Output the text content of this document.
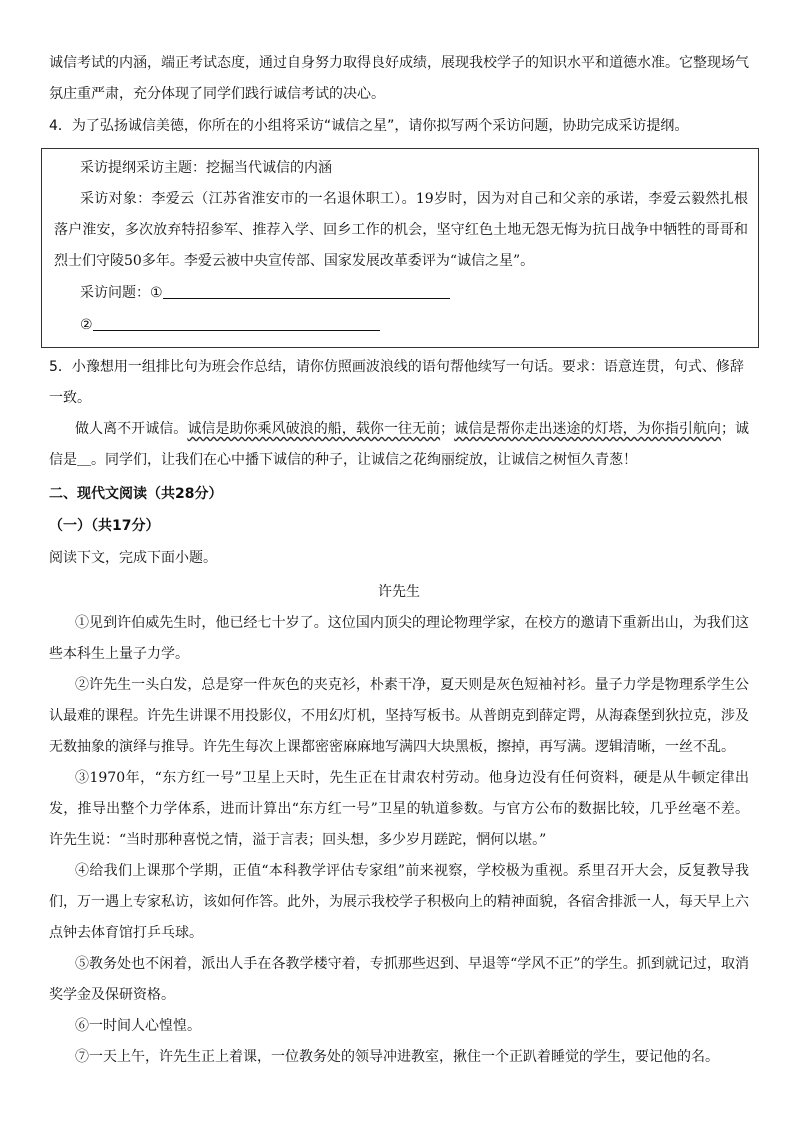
诚信考试的内涵，端正考试态度，通过自身努力取得良好成绩，展现我校学子的知识水平和道德水准。它整现场气氛庄重严肃，充分体现了同学们践行诚信考试的决心。

4．为了弘扬诚信美德，你所在的小组将采访“诚信之星”，请你拟写两个采访问题，协助完成采访提纲。

采访提纲采访主题：挖掘当代诚信的内涵

采访对象：李爱云（江苏省淮安市的一名退休职工）。19岁时，因为对自己和父亲的承诺，李爱云毅然扎根落户淮安，多次放弃特招参军、推荐入学、回乡工作的机会，坚守红色土地无怨无悔为抗日战争中牺牲的哥哥和烈士们守陵50多年。李爱云被中央宣传部、国家发展改革委评为“诚信之星”。

采访问题：①

②

5．小豫想用一组排比句为班会作总结，请你仿照画波浪线的语句帮他续写一句话。要求：语意连贯，句式、修辞一致。

做人离不开诚信。诚信是助你乘风破浪的船，载你一往无前；诚信是帮你走出迷途的灯塔，为你指引航向；诚信是＿。同学们，让我们在心中播下诚信的种子，让诚信之花绚丽绽放，让诚信之树恒久青葱！

二、现代文阅读（共28分）

（一）（共17分）

阅读下文，完成下面小题。

许先生

①见到许伯威先生时，他已经七十岁了。这位国内顶尖的理论物理学家，在校方的邀请下重新出山，为我们这些本科生上量子力学。

②许先生一头白发，总是穿一件灰色的夹克衫，朴素干净，夏天则是灰色短袖衬衫。量子力学是物理系学生公认最难的课程。许先生讲课不用投影仪，不用幻灯机，坚持写板书。从普朗克到薛定谔，从海森堡到狄拉克，涉及无数抽象的演绎与推导。许先生每次上课都密密麻麻地写满四大块黑板，擦掉，再写满。逻辑清晰，一丝不乱。

③1970年，“东方红一号”卫星上天时，先生正在甘肃农村劳动。他身边没有任何资料，硬是从牛顿定律出发，推导出整个力学体系，进而计算出“东方红一号”卫星的轨道参数。与官方公布的数据比较，几乎丝毫不差。许先生说：“当时那种喜悦之情，溢于言表；回头想，多少岁月蹉跎，惘何以堪。”

④给我们上课那个学期，正值“本科教学评估专家组”前来视察，学校极为重视。系里召开大会，反复教导我们，万一遇上专家私访，该如何作答。此外，为展示我校学子积极向上的精神面貌，各宿舍排派一人，每天早上六点钟去体育馆打乒乓球。

⑤教务处也不闲着，派出人手在各教学楼守着，专抓那些迟到、早退等“学风不正”的学生。抓到就记过，取消奖学金及保研资格。

⑥一时间人心惶惶。

⑦一天上午，许先生正上着课，一位教务处的领导冲进教室，揪住一个正趴着睡觉的学生，要记他的名。
